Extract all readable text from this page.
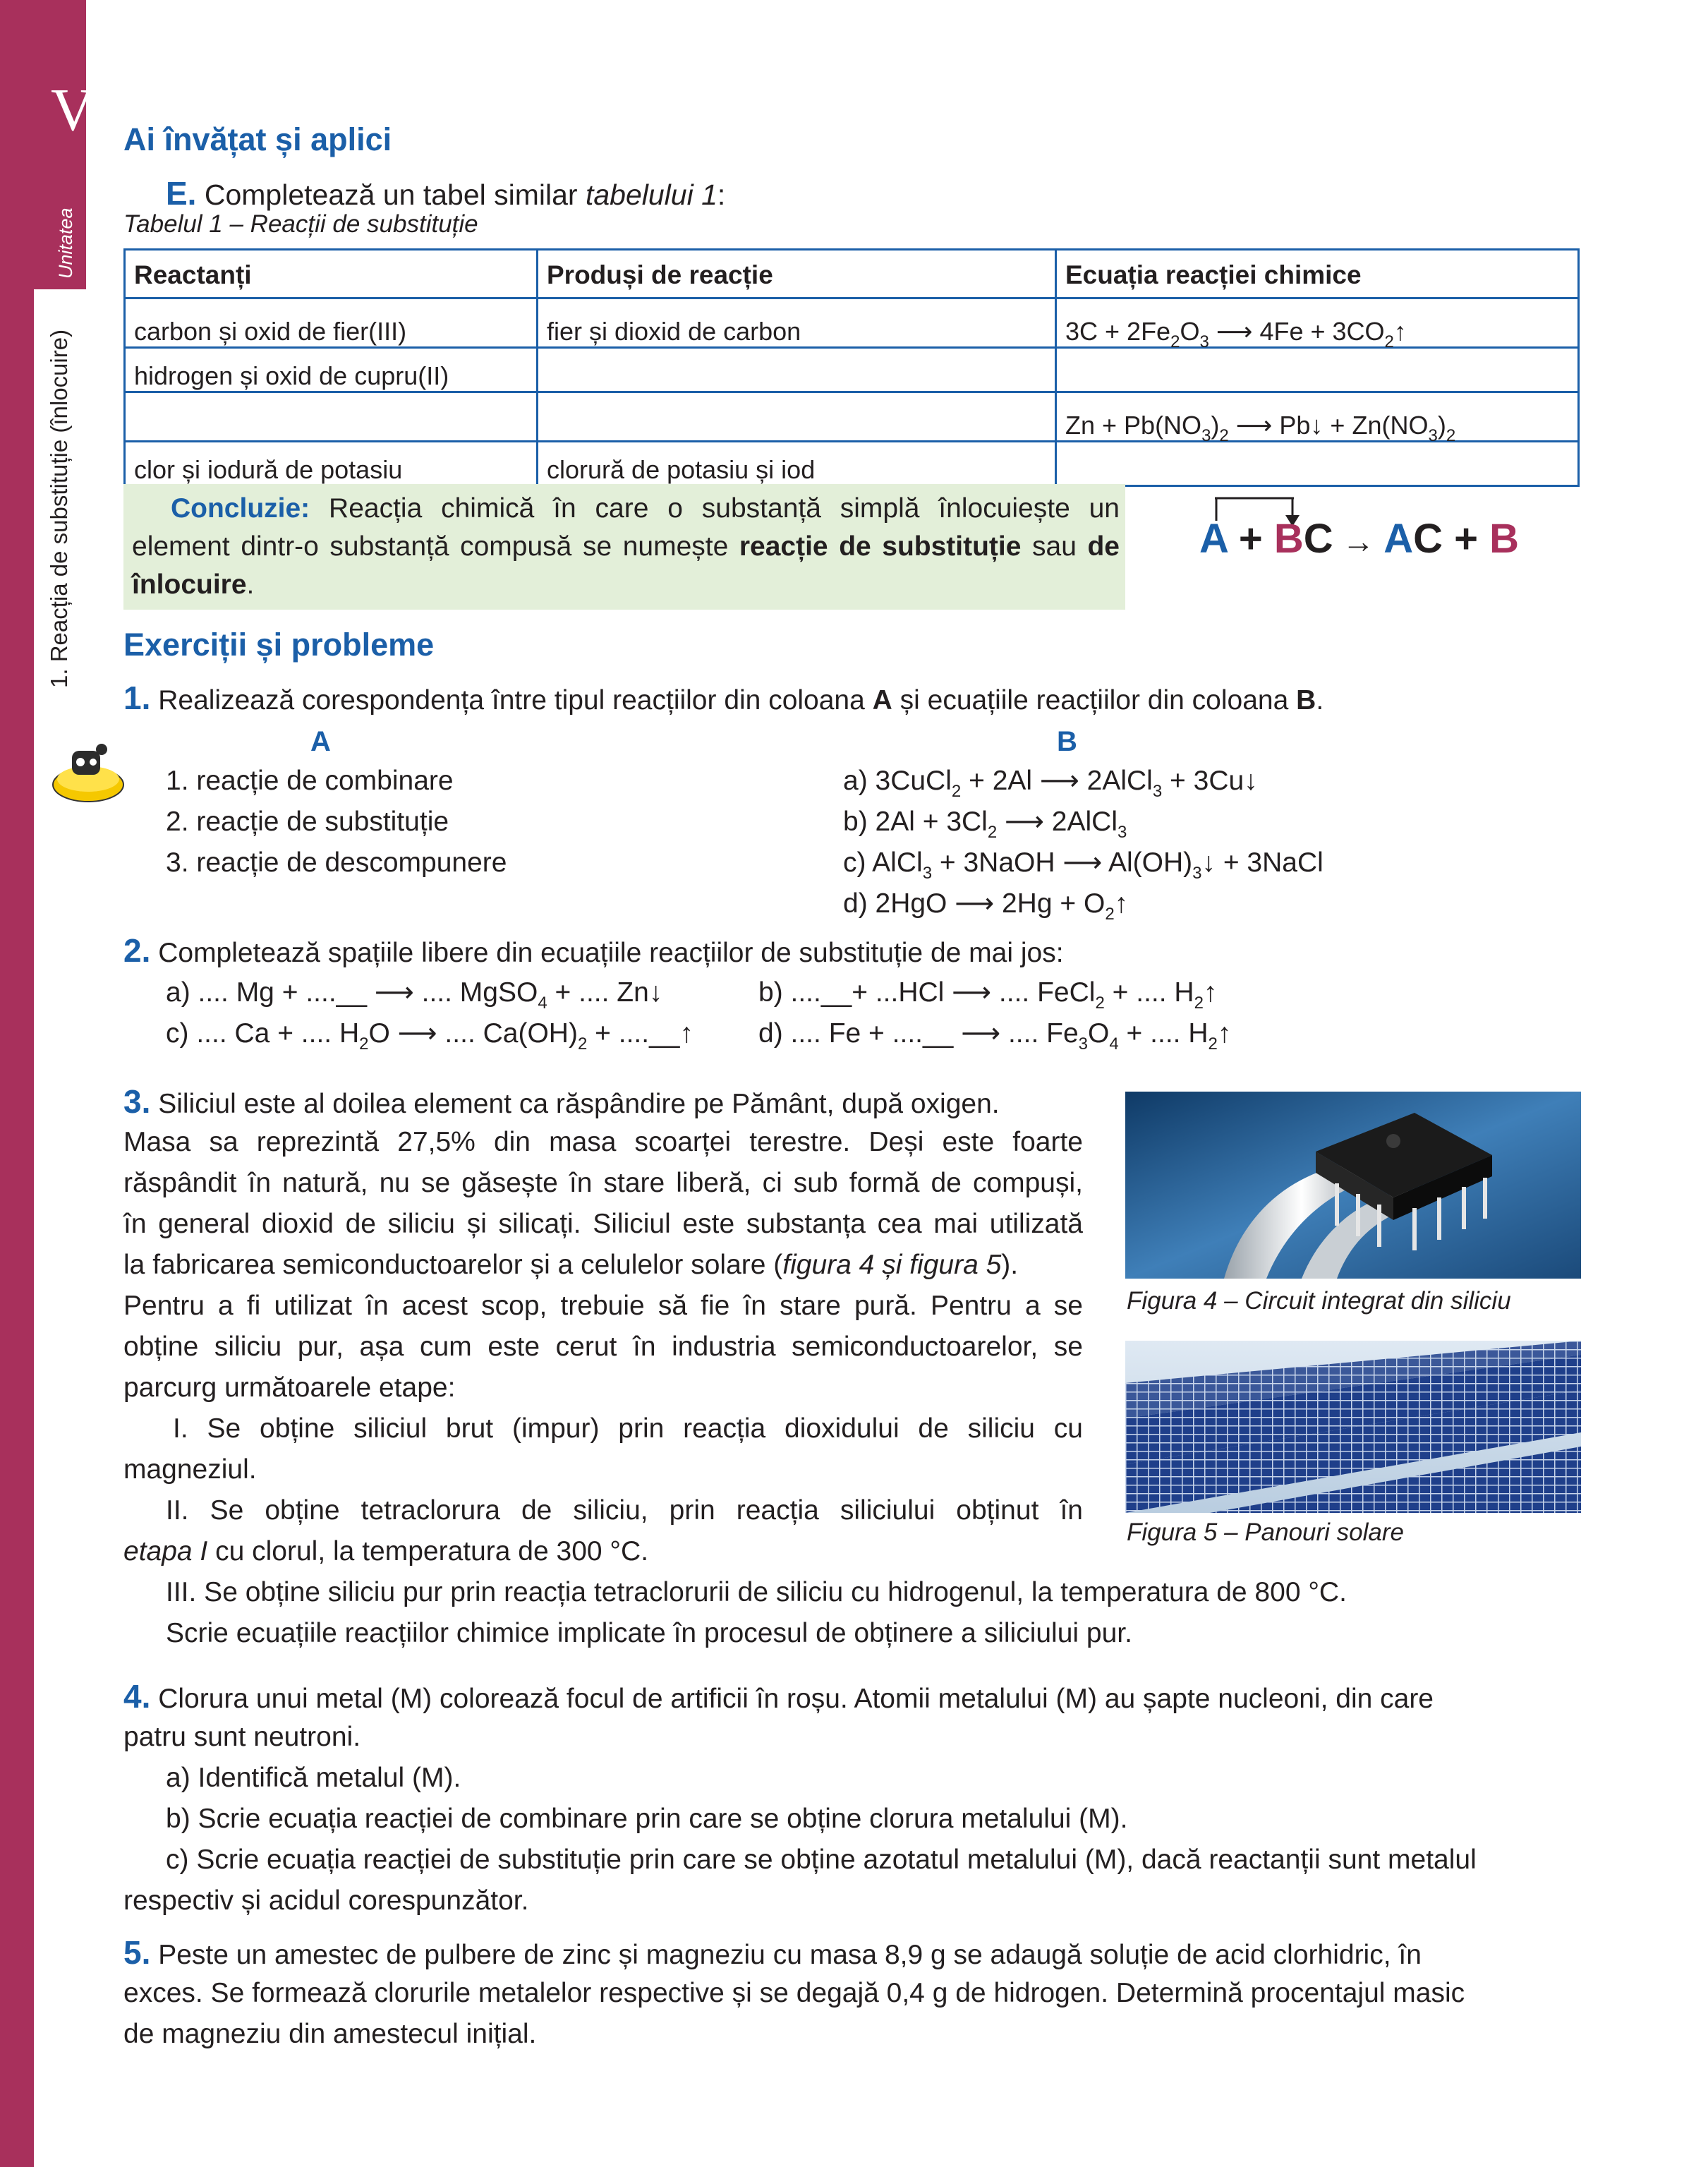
V
Unitatea
1. Reacția de substituție (înlocuire)
74
Ai învățat și aplici
E. Completează un tabel similar tabelului 1:
Tabelul 1 – Reacții de substituție
Reactanți	Produși de reacție	Ecuația reacției chimice
carbon și oxid de fier(III)	fier și dioxid de carbon	$3C + 2Fe_2O_3$ ⟶ $4Fe + 3CO_2↑$
hidrogen și oxid de cupru(II)		
		$Zn + Pb(NO_3)_2$ ⟶ Pb↓ + $Zn(NO_3)_2$
clor și iodură de potasiu	clorură de potasiu și iod	
Concluzie: Reacția chimică în care o substanță simplă înlocuiește un element dintr-o substanță compusă se numește reacție de substituție sau de înlocuire.
A + BC → AC + B
Exerciții și probleme
1. Realizează corespondența între tipul reacțiilor din coloana A și ecuațiile reacțiilor din coloana B.
A	B
1. reacție de combinare
2. reacție de substituție
3. reacție de descompunere
a) 3CuCl$_2$ + 2Al ⟶ 2AlCl$_3$ + 3Cu↓
b) $2Al + 3Cl_2$ ⟶ 2AlCl$_3$
c) AlCl$_3$ + 3NaOH ⟶ $Al(OH)_3↓$ + 3NaCl
d) 2HgO ⟶ $2Hg + O_2↑$
2. Completează spațiile libere din ecuațiile reacțiilor de substituție de mai jos:
a) .... Mg + ....__ ⟶ .... MgSO$_4$ + .... Zn↓	b) ....__+ ...HCl ⟶ .... FeCl$_2$ + .... $H_2↑$
c) .... Ca + .... $H_2O$ ⟶ .... $Ca(OH)_2$ + ....__↑ d) .... Fe + ....__ ⟶ .... $Fe_3O_4$ + .... $H_2↑$
3. Siliciul este al doilea element ca răspândire pe Pământ, după oxigen.
Masa sa reprezintă 27,5% din masa scoarței terestre. Deși este foarte
răspândit în natură, nu se găsește în stare liberă, ci sub formă de compuși,
în general dioxid de siliciu și silicați. Siliciul este substanța cea mai utilizată
la fabricarea semiconductoarelor și a celulelor solare (figura 4 și figura 5).
Pentru a fi utilizat în acest scop, trebuie să fie în stare pură. Pentru a se
obține siliciu pur, așa cum este cerut în industria semiconductoarelor, se
parcurg următoarele etape:
I. Se obține siliciul brut (impur) prin reacția dioxidului de siliciu cu
magneziul.
II. Se obține tetraclorura de siliciu, prin reacția siliciului obținut în
etapa I cu clorul, la temperatura de 300 °C.
III. Se obține siliciu pur prin reacția tetraclorurii de siliciu cu hidrogenul, la temperatura de 800 °C.
Scrie ecuațiile reacțiilor chimice implicate în procesul de obținere a siliciului pur.
Figura 4 – Circuit integrat din siliciu
Figura 5 – Panouri solare
4. Clorura unui metal (M) colorează focul de artificii în roșu. Atomii metalului (M) au șapte nucleoni, din care
patru sunt neutroni.
a) Identifică metalul (M).
b) Scrie ecuația reacției de combinare prin care se obține clorura metalului (M).
c) Scrie ecuația reacției de substituție prin care se obține azotatul metalului (M), dacă reactanții sunt metalul
respectiv și acidul corespunzător.
5. Peste un amestec de pulbere de zinc și magneziu cu masa 8,9 g se adaugă soluție de acid clorhidric, în
exces. Se formează clorurile metalelor respective și se degajă 0,4 g de hidrogen. Determină procentajul masic
de magneziu din amestecul inițial.
